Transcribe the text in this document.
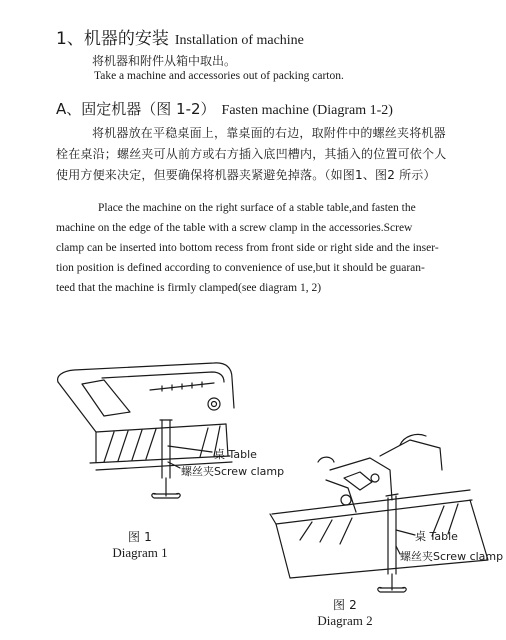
1、机器的安装 Installation of machine
将机器和附件从箱中取出。
Take a machine and accessories out of packing carton.
A、固定机器（图 1-2） Fasten machine (Diagram 1-2)
将机器放在平稳桌面上，靠桌面的右边，取附件中的螺丝夹将机器
栓在桌沿；螺丝夹可从前方或右方插入底凹槽内，其插入的位置可依个人
使用方便来决定，但要确保将机器夹紧避免掉落。（如图1、图2 所示）
Place the machine on the right surface of a stable table,and fasten the
machine on the edge of the table with a screw clamp in the accessories.Screw
clamp can be inserted into bottom recess from front side or right side and the inser-
tion position is defined according to convenience of use,but it should be guaran-
teed that the machine is firmly clamped(see diagram 1, 2)
桌 Table
螺丝夹Screw clamp
桌 Table
螺丝夹Screw clamp
图 1
Diagram 1
图 2
Diagram 2
